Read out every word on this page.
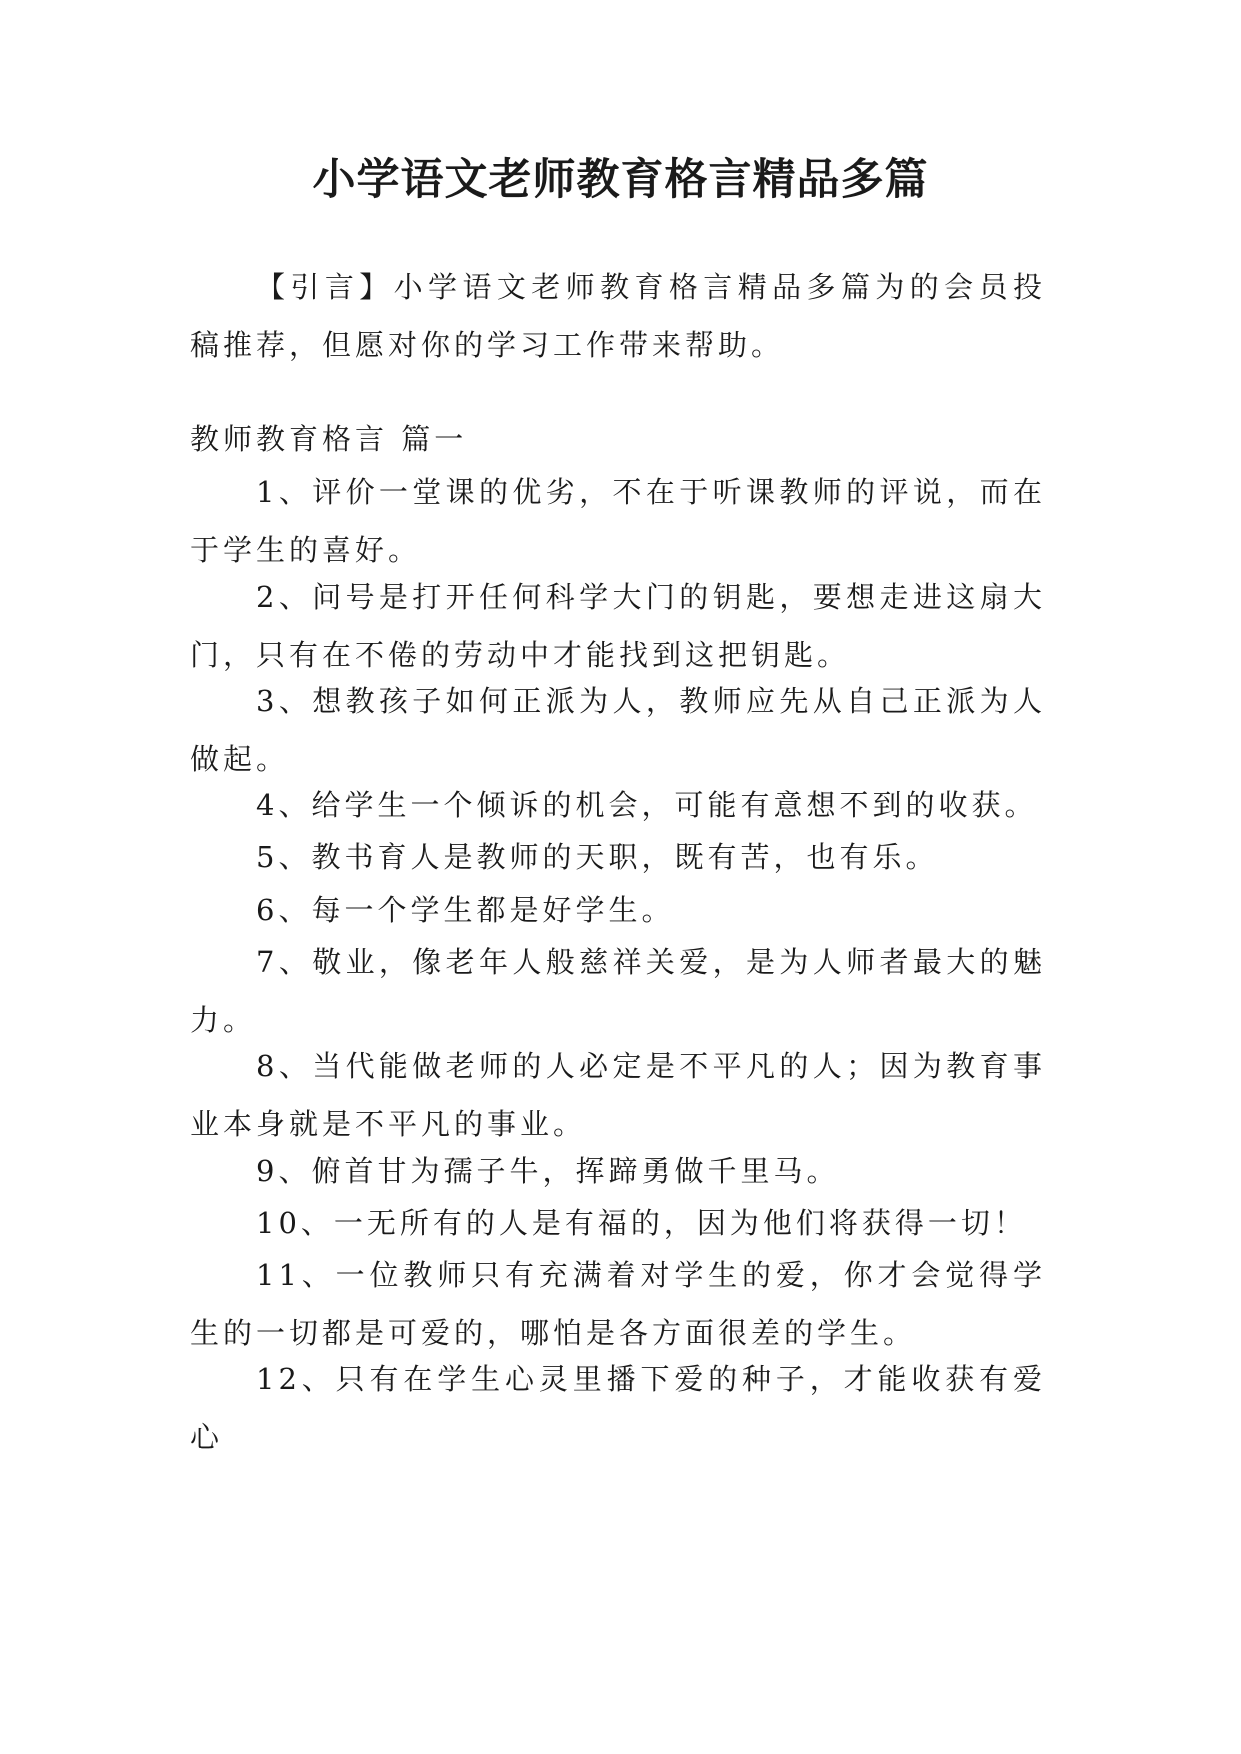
小学语文老师教育格言精品多篇

【引言】小学语文老师教育格言精品多篇为的会员投稿推荐，但愿对你的学习工作带来帮助。

教师教育格言 篇一

1、评价一堂课的优劣，不在于听课教师的评说，而在于学生的喜好。

2、问号是打开任何科学大门的钥匙，要想走进这扇大门，只有在不倦的劳动中才能找到这把钥匙。

3、想教孩子如何正派为人，教师应先从自己正派为人做起。

4、给学生一个倾诉的机会，可能有意想不到的收获。

5、教书育人是教师的天职，既有苦，也有乐。

6、每一个学生都是好学生。

7、敬业，像老年人般慈祥关爱，是为人师者最大的魅力。

8、当代能做老师的人必定是不平凡的人；因为教育事业本身就是不平凡的事业。

9、俯首甘为孺子牛，挥蹄勇做千里马。

10、一无所有的人是有福的，因为他们将获得一切！

11、一位教师只有充满着对学生的爱，你才会觉得学生的一切都是可爱的，哪怕是各方面很差的学生。

12、只有在学生心灵里播下爱的种子，才能收获有爱心
